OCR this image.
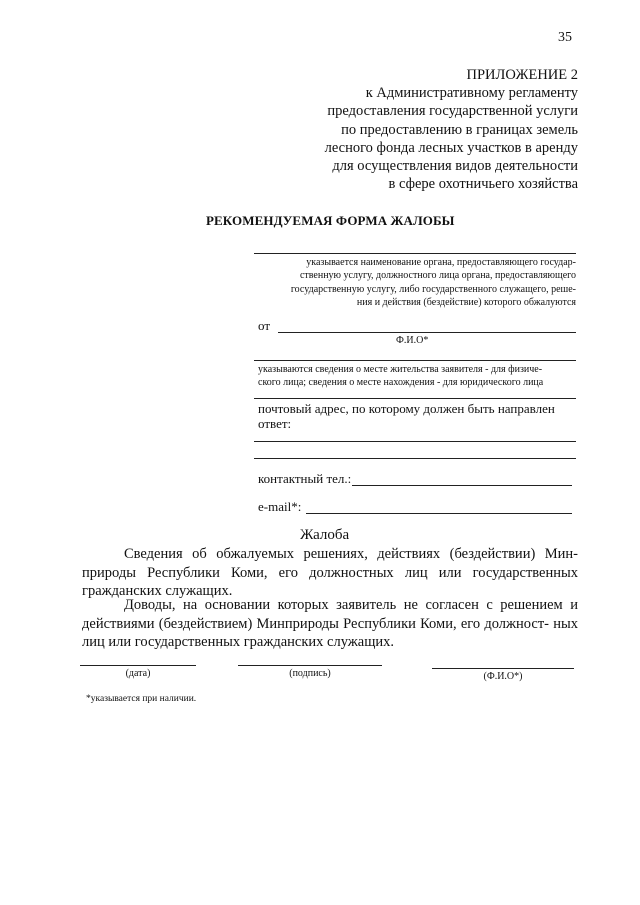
35
ПРИЛОЖЕНИЕ 2
к Административному регламенту
предоставления государственной услуги
по предоставлению в границах земель
лесного фонда лесных участков в аренду
для осуществления видов деятельности
в сфере охотничьего хозяйства
РЕКОМЕНДУЕМАЯ ФОРМА ЖАЛОБЫ
указывается наименование органа, предоставляющего государ-
ственную услугу, должностного лица органа, предоставляющего
государственную услугу, либо государственного служащего, реше-
ния и действия (бездействие) которого обжалуются
от
Ф.И.О*
указываются сведения о месте жительства заявителя - для физиче-
ского лица; сведения о месте нахождения - для юридического лица
почтовый адрес, по которому должен быть направлен
ответ:
контактный тел.:
e-mail*:
Жалоба
Сведения об обжалуемых решениях, действиях (бездействии) Мин- природы Республики Коми, его должностных лиц или государственных гражданских служащих.
Доводы, на основании которых заявитель не согласен с решением и действиями (бездействием) Минприроды Республики Коми, его должност- ных лиц или государственных гражданских служащих.
(дата)	(подпись)	(Ф.И.О*)
*указывается при наличии.
